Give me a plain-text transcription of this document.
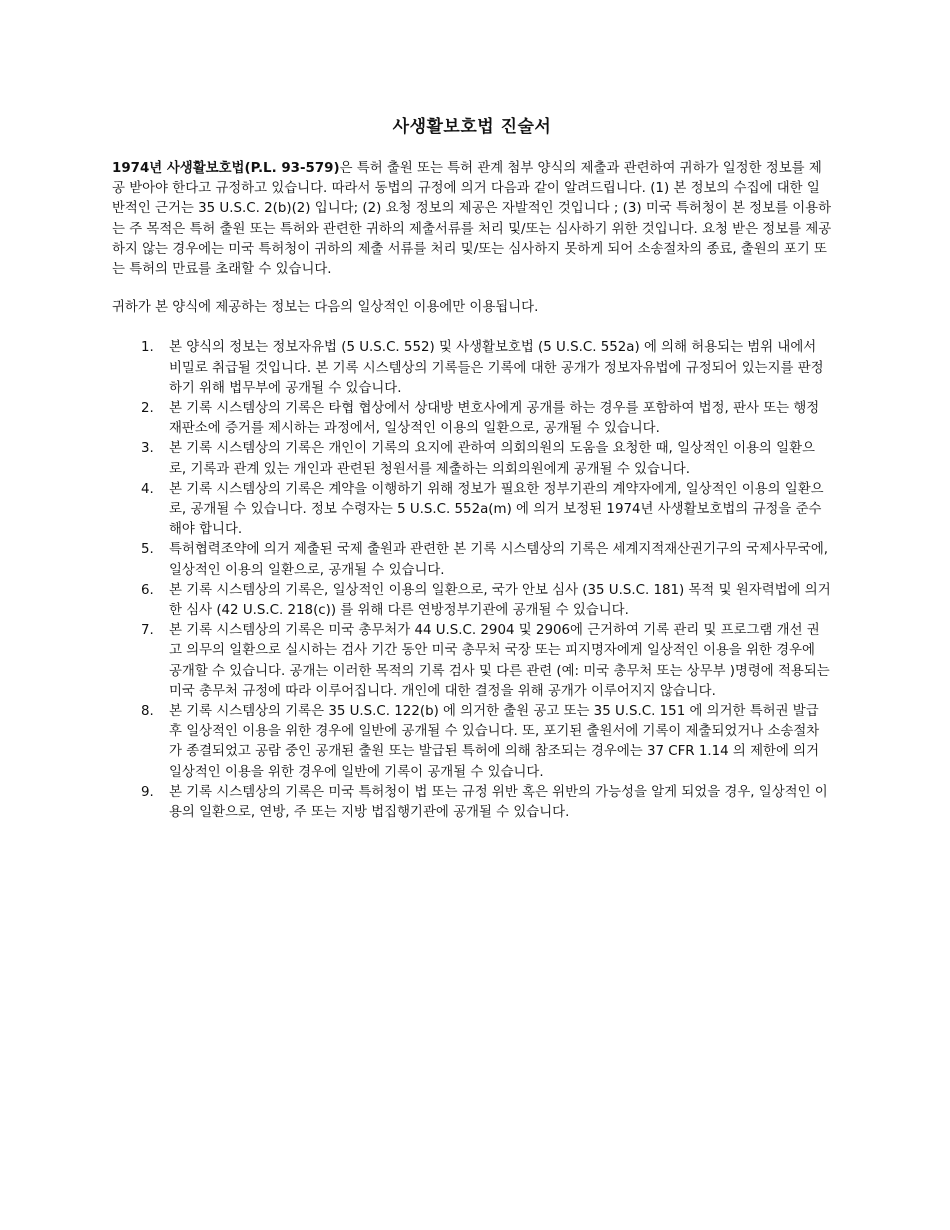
사생활보호법 진술서

1974년 사생활보호법(P.L. 93-579)은 특허 출원 또는 특허 관계 첨부 양식의 제출과 관련하여 귀하가 일정한 정보를 제공 받아야 한다고 규정하고 있습니다. 따라서 동법의 규정에 의거 다음과 같이 알려드립니다. (1) 본 정보의 수집에 대한 일반적인 근거는 35 U.S.C. 2(b)(2) 입니다; (2) 요청 정보의 제공은 자발적인 것입니다 ; (3) 미국 특허청이 본 정보를 이용하는 주 목적은 특허 출원 또는 특허와 관련한 귀하의 제출서류를 처리 및/또는 심사하기 위한 것입니다. 요청 받은 정보를 제공하지 않는 경우에는 미국 특허청이 귀하의 제출 서류를 처리 및/또는 심사하지 못하게 되어 소송절차의 종료, 출원의 포기 또는 특허의 만료를 초래할 수 있습니다.

귀하가 본 양식에 제공하는 정보는 다음의 일상적인 이용에만 이용됩니다.

1. 본 양식의 정보는 정보자유법 (5 U.S.C. 552) 및 사생활보호법 (5 U.S.C. 552a) 에 의해 허용되는 범위 내에서 비밀로 취급될 것입니다. 본 기록 시스템상의 기록들은 기록에 대한 공개가 정보자유법에 규정되어 있는지를 판정하기 위해 법무부에 공개될 수 있습니다.
2. 본 기록 시스템상의 기록은 타협 협상에서 상대방 변호사에게 공개를 하는 경우를 포함하여 법정, 판사 또는 행정재판소에 증거를 제시하는 과정에서, 일상적인 이용의 일환으로, 공개될 수 있습니다.
3. 본 기록 시스템상의 기록은 개인이 기록의 요지에 관하여 의회의원의 도움을 요청한 때, 일상적인 이용의 일환으로, 기록과 관계 있는 개인과 관련된 청원서를 제출하는 의회의원에게 공개될 수 있습니다.
4. 본 기록 시스템상의 기록은 계약을 이행하기 위해 정보가 필요한 정부기관의 계약자에게, 일상적인 이용의 일환으로, 공개될 수 있습니다. 정보 수령자는 5 U.S.C. 552a(m) 에 의거 보정된 1974년 사생활보호법의 규정을 준수해야 합니다.
5. 특허협력조약에 의거 제출된 국제 출원과 관련한 본 기록 시스템상의 기록은 세계지적재산권기구의 국제사무국에, 일상적인 이용의 일환으로, 공개될 수 있습니다.
6. 본 기록 시스템상의 기록은, 일상적인 이용의 일환으로, 국가 안보 심사 (35 U.S.C. 181) 목적 및 원자력법에 의거한 심사 (42 U.S.C. 218(c)) 를 위해 다른 연방정부기관에 공개될 수 있습니다.
7. 본 기록 시스템상의 기록은 미국 총무처가 44 U.S.C. 2904 및 2906에 근거하여 기록 관리 및 프로그램 개선 권고 의무의 일환으로 실시하는 검사 기간 동안 미국 총무처 국장 또는 피지명자에게 일상적인 이용을 위한 경우에 공개할 수 있습니다. 공개는 이러한 목적의 기록 검사 및 다른 관련 (예: 미국 총무처 또는 상무부 )명령에 적용되는 미국 총무처 규정에 따라 이루어집니다. 개인에 대한 결정을 위해 공개가 이루어지지 않습니다.
8. 본 기록 시스템상의 기록은 35 U.S.C. 122(b) 에 의거한 출원 공고 또는 35 U.S.C. 151 에 의거한 특허권 발급 후 일상적인 이용을 위한 경우에 일반에 공개될 수 있습니다. 또, 포기된 출원서에 기록이 제출되었거나 소송절차가 종결되었고 공람 중인 공개된 출원 또는 발급된 특허에 의해 참조되는 경우에는 37 CFR 1.14 의 제한에 의거 일상적인 이용을 위한 경우에 일반에 기록이 공개될 수 있습니다.
9. 본 기록 시스템상의 기록은 미국 특허청이 법 또는 규정 위반 혹은 위반의 가능성을 알게 되었을 경우, 일상적인 이용의 일환으로, 연방, 주 또는 지방 법집행기관에 공개될 수 있습니다.
